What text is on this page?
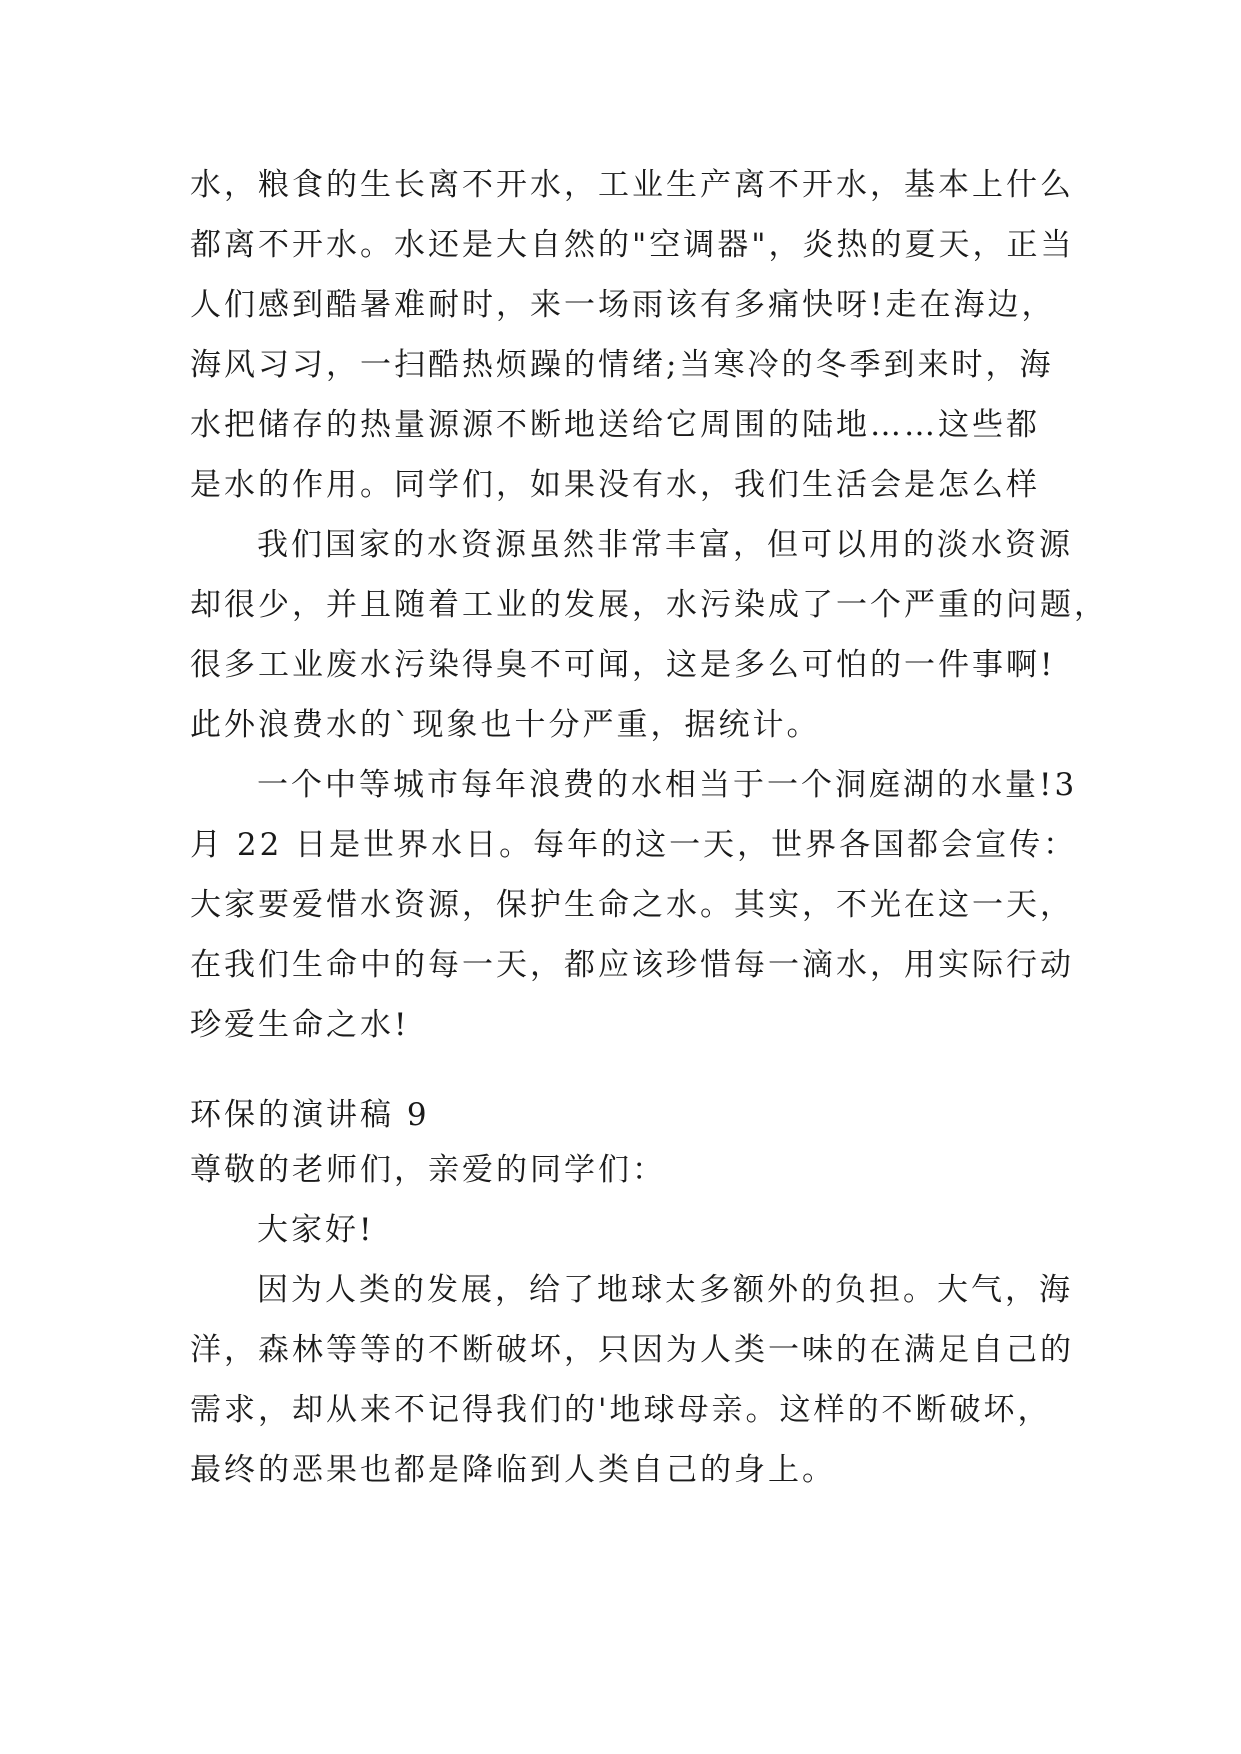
水，粮食的生长离不开水，工业生产离不开水，基本上什么
都离不开水。水还是大自然的"空调器"，炎热的夏天，正当
人们感到酷暑难耐时，来一场雨该有多痛快呀!走在海边，
海风习习，一扫酷热烦躁的情绪;当寒冷的冬季到来时，海
水把储存的热量源源不断地送给它周围的陆地……这些都
是水的作用。同学们，如果没有水，我们生活会是怎么样
我们国家的水资源虽然非常丰富，但可以用的淡水资源
却很少，并且随着工业的发展，水污染成了一个严重的问题，
很多工业废水污染得臭不可闻，这是多么可怕的一件事啊!
此外浪费水的`现象也十分严重，据统计。
一个中等城市每年浪费的水相当于一个洞庭湖的水量!3
月 22 日是世界水日。每年的这一天，世界各国都会宣传：
大家要爱惜水资源，保护生命之水。其实，不光在这一天，
在我们生命中的每一天，都应该珍惜每一滴水，用实际行动
珍爱生命之水!
环保的演讲稿 9
尊敬的老师们，亲爱的同学们：
大家好!
因为人类的发展，给了地球太多额外的负担。大气，海
洋，森林等等的不断破坏，只因为人类一味的在满足自己的
需求，却从来不记得我们的'地球母亲。这样的不断破坏，
最终的恶果也都是降临到人类自己的身上。
